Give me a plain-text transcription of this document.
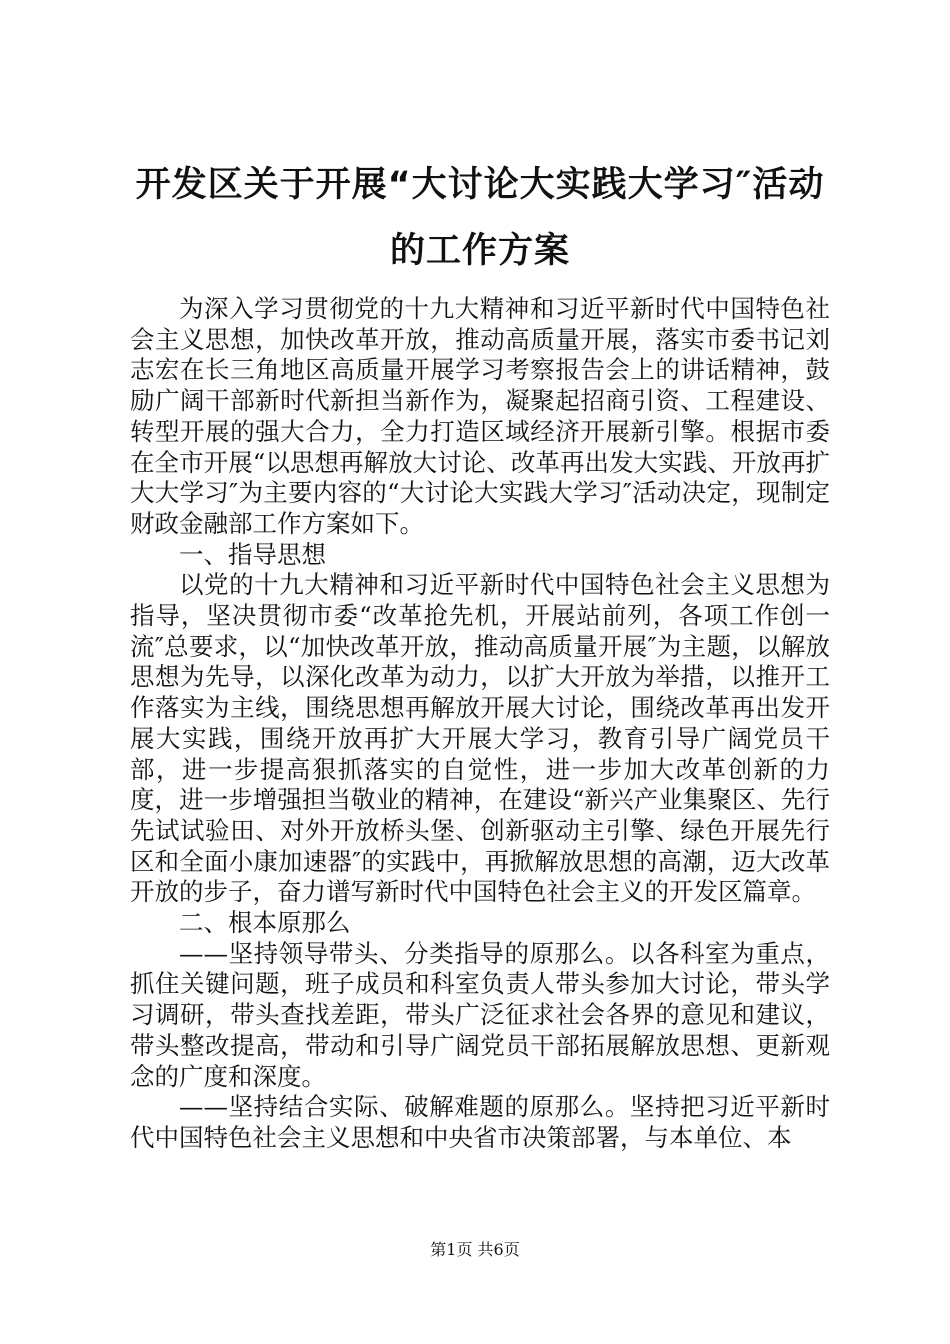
开发区关于开展“大讨论大实践大学习″活动
的工作方案

为深入学习贯彻党的十九大精神和习近平新时代中国特色社会主义思想，加快改革开放，推动高质量开展，落实市委书记刘志宏在长三角地区高质量开展学习考察报告会上的讲话精神，鼓励广阔干部新时代新担当新作为，凝聚起招商引资、工程建设、转型开展的强大合力，全力打造区域经济开展新引擎。根据市委在全市开展“以思想再解放大讨论、改革再出发大实践、开放再扩大大学习″为主要内容的“大讨论大实践大学习″活动决定，现制定财政金融部工作方案如下。

一、指导思想

以党的十九大精神和习近平新时代中国特色社会主义思想为指导，坚决贯彻市委“改革抢先机，开展站前列，各项工作创一流″总要求，以“加快改革开放，推动高质量开展″为主题，以解放思想为先导，以深化改革为动力，以扩大开放为举措，以推开工作落实为主线，围绕思想再解放开展大讨论，围绕改革再出发开展大实践，围绕开放再扩大开展大学习，教育引导广阔党员干部，进一步提高狠抓落实的自觉性，进一步加大改革创新的力度，进一步增强担当敬业的精神，在建设“新兴产业集聚区、先行先试试验田、对外开放桥头堡、创新驱动主引擎、绿色开展先行区和全面小康加速器″的实践中，再掀解放思想的高潮，迈大改革开放的步子，奋力谱写新时代中国特色社会主义的开发区篇章。

二、根本原那么

——坚持领导带头、分类指导的原那么。以各科室为重点，抓住关键问题，班子成员和科室负责人带头参加大讨论，带头学习调研，带头查找差距，带头广泛征求社会各界的意见和建议，带头整改提高，带动和引导广阔党员干部拓展解放思想、更新观念的广度和深度。

——坚持结合实际、破解难题的原那么。坚持把习近平新时代中国特色社会主义思想和中央省市决策部署，与本单位、本

第1页 共6页
